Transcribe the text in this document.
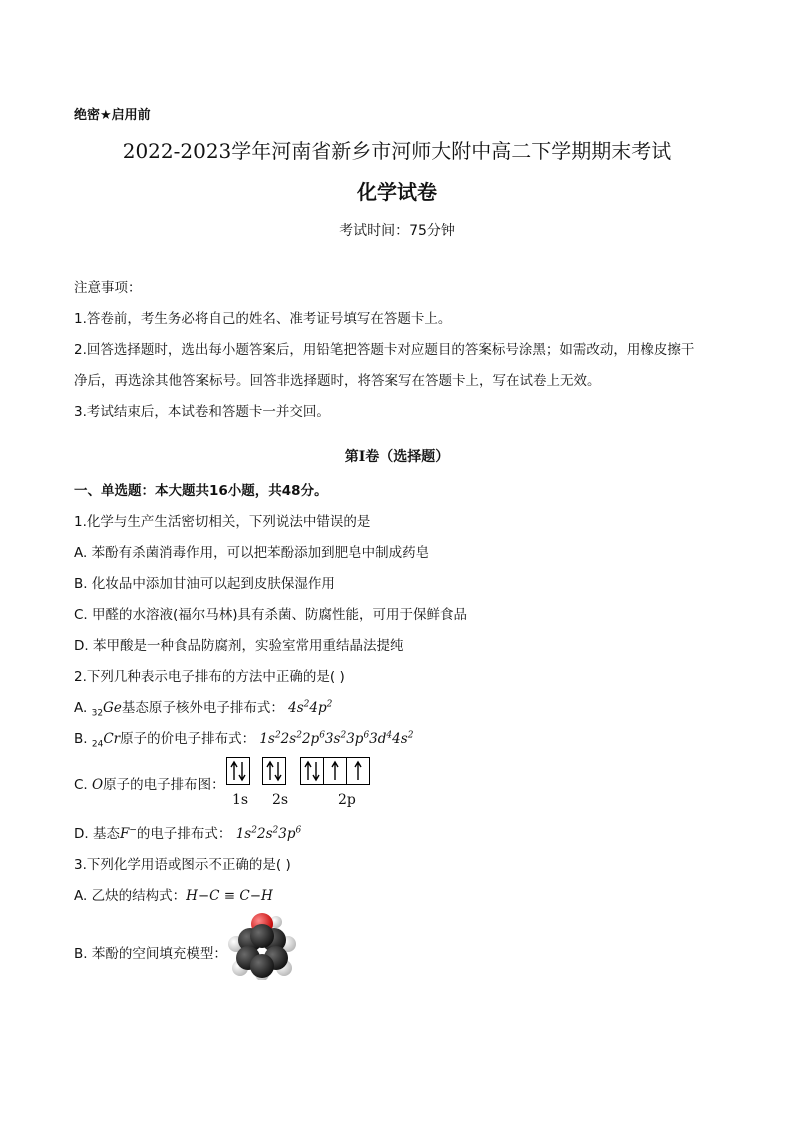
绝密★启用前
2022-2023学年河南省新乡市河师大附中高二下学期期末考试
化学试卷
考试时间：75分钟
注意事项：
1.答卷前，考生务必将自己的姓名、准考证号填写在答题卡上。
2.回答选择题时，选出每小题答案后，用铅笔把答题卡对应题目的答案标号涂黑；如需改动，用橡皮擦干
净后，再选涂其他答案标号。回答非选择题时，将答案写在答题卡上，写在试卷上无效。
3.考试结束后，本试卷和答题卡一并交回。
第I卷（选择题）
一、单选题：本大题共16小题，共48分。
1.化学与生产生活密切相关，下列说法中错误的是
A. 苯酚有杀菌消毒作用，可以把苯酚添加到肥皂中制成药皂
B. 化妆品中添加甘油可以起到皮肤保湿作用
C. 甲醛的水溶液(福尔马林)具有杀菌、防腐性能，可用于保鲜食品
D. 苯甲酸是一种食品防腐剂，实验室常用重结晶法提纯
2.下列几种表示电子排布的方法中正确的是( )
A. $_{32}$Ge基态原子核外电子排布式： $4s^24p^2$
B. $_{24}$Cr原子的价电子排布式： $1s^22s^22p^63s^23p^63d^44s^2$
C. O原子的电子排布图：
1s 2s	2p
D. 基态F−的电子排布式： $1s^22s^23p^6$
3.下列化学用语或图示不正确的是( )
A. 乙炔的结构式：H−C ≡ C−H
B. 苯酚的空间填充模型：
